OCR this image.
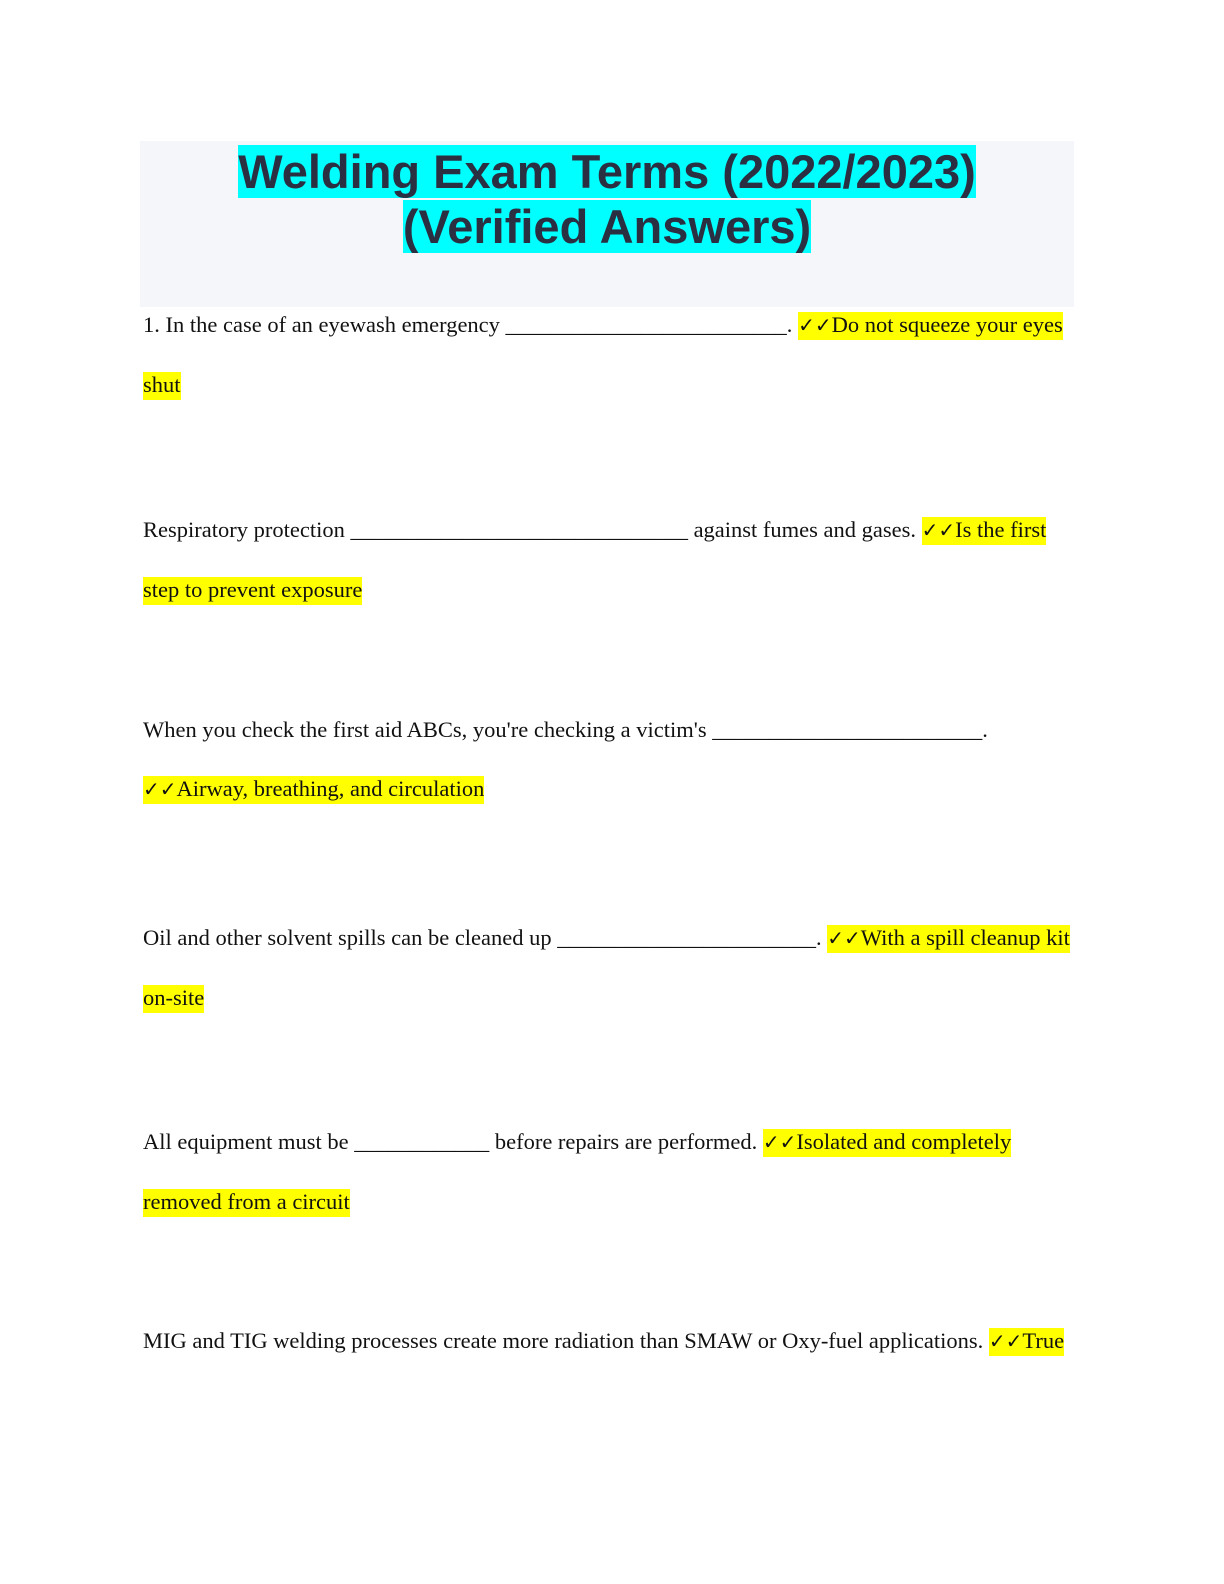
Welding Exam Terms (2022/2023)
(Verified Answers)

1. In the case of an eyewash emergency _________________________. ✓✓Do not squeeze your eyes shut

Respiratory protection ______________________________ against fumes and gases. ✓✓Is the first step to prevent exposure

When you check the first aid ABCs, you're checking a victim's ________________________. ✓✓Airway, breathing, and circulation

Oil and other solvent spills can be cleaned up _______________________. ✓✓With a spill cleanup kit on-site

All equipment must be ____________ before repairs are performed. ✓✓Isolated and completely removed from a circuit

MIG and TIG welding processes create more radiation than SMAW or Oxy-fuel applications. ✓✓True
